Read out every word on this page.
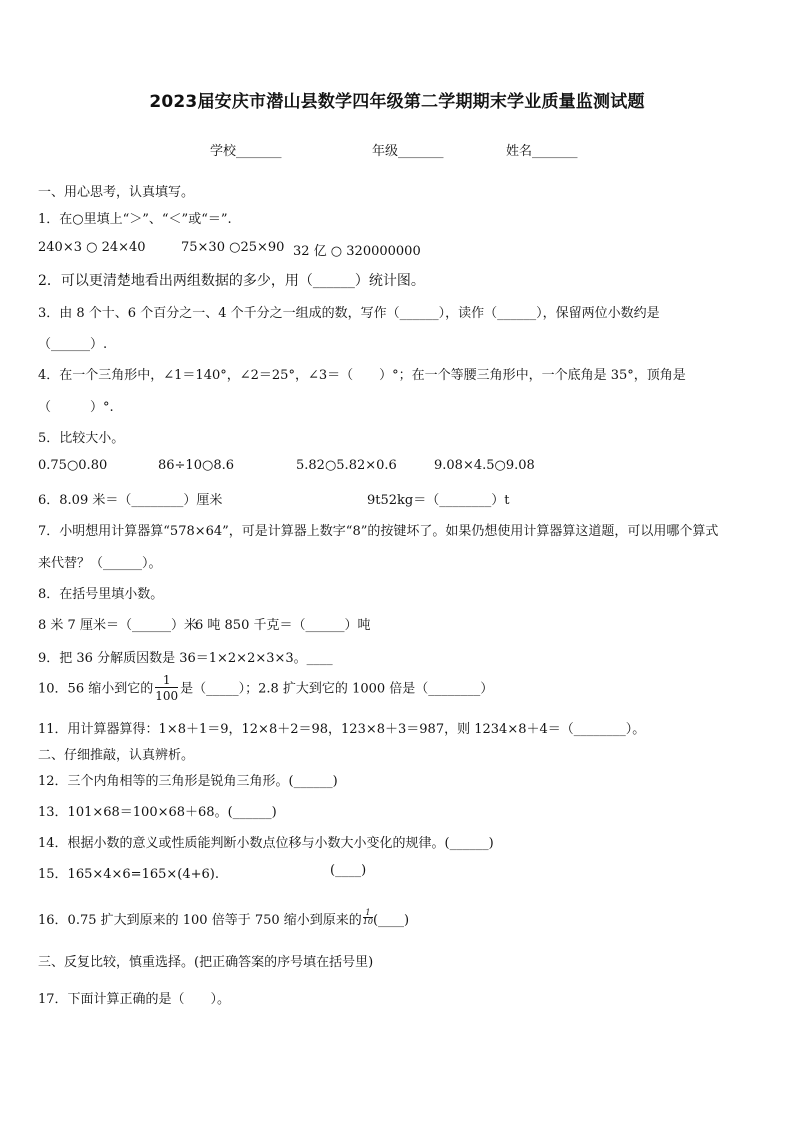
2023届安庆市潜山县数学四年级第二学期期末学业质量监测试题
学校_______	年级_______	姓名_______
一、用心思考，认真填写。
1．在○里填上“＞”、“＜”或“＝”.
240×3 ○ 24×40	75×30 ○25×90 32 亿 ○ 320000000
2．可以更清楚地看出两组数据的多少，用（______）统计图。
3．由 8 个十、6 个百分之一、4 个千分之一组成的数，写作（______），读作（______），保留两位小数约是
（______）.
4．在一个三角形中，∠1＝140°，∠2＝25°，∠3＝（　　）°；在一个等腰三角形中，一个底角是 35°，顶角是
（　　　）°.
5．比较大小。
0.75○0.80	86÷10○8.6	5.82○5.82×0.6	9.08×4.5○9.08
6．8.09 米＝（________）厘米	9t52kg＝（________）t
7．小明想用计算器算“578×64”，可是计算器上数字“8”的按键坏了。如果仍想使用计算器算这道题，可以用哪个算式
来代替？（______）。
8．在括号里填小数。
8 米 7 厘米＝（______）米
6 吨 850 千克＝（______）吨
9．把 36 分解质因数是 36＝1×2×2×3×3。____
10．56 缩小到它的 $\frac{1}{100}$ 是（_____）；2.8 扩大到它的 1000 倍是（________）
11．用计算器算得：1×8＋1＝9，12×8＋2＝98，123×8＋3＝987，则 1234×8＋4＝（________）。
二、仔细推敲，认真辨析。
12．三个内角相等的三角形是锐角三角形。(______)
13．101×68＝100×68＋68。(______)
14．根据小数的意义或性质能判断小数点位移与小数大小变化的规律。(______)
15．165×4×6=165×(4+6).	(____)
16．0.75 扩大到原来的 100 倍等于 750 缩小到原来的 $\frac{1}{10}$ (____)
三、反复比较，慎重选择。(把正确答案的序号填在括号里)
17．下面计算正确的是（　　）。
